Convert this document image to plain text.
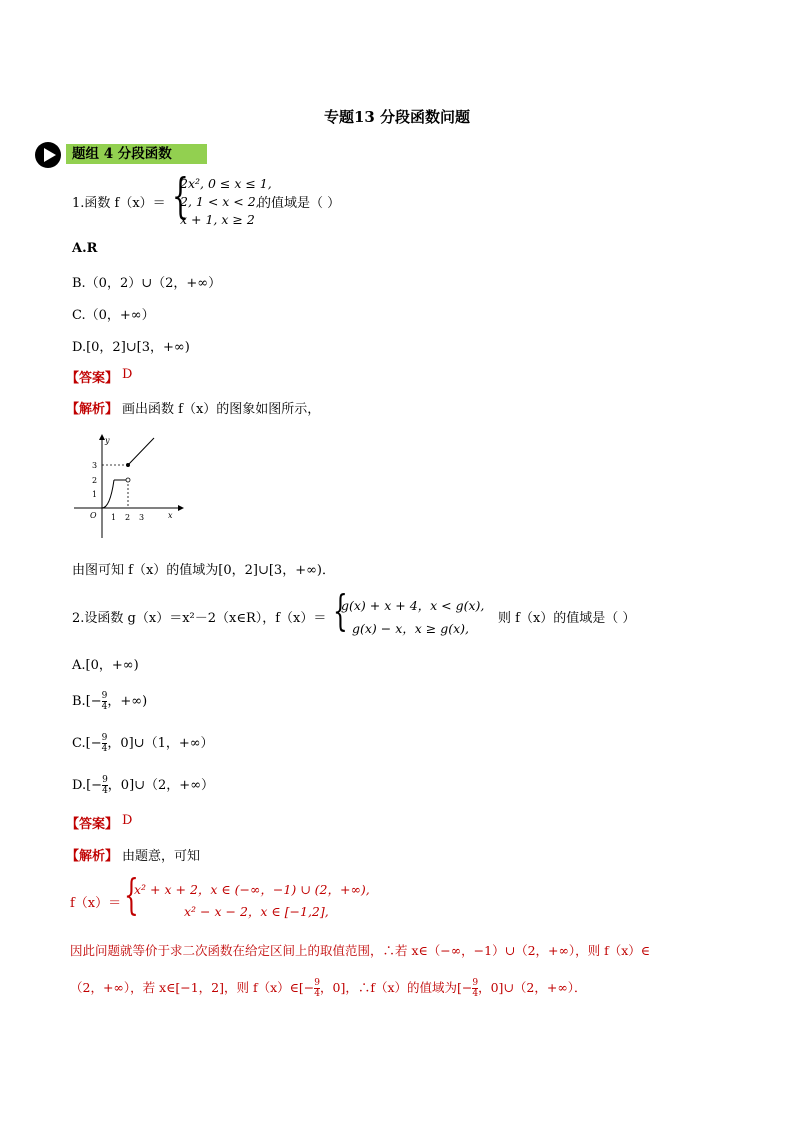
专题13 分段函数问题
题组 4 分段函数
1.函数 f（x）＝ {
2x², 0 ≤ x ≤ 1,
2, 1 < x < 2,
x + 1, x ≥ 2
的值域是（ ）
A.R
B.（0，2）∪（2，+∞）
C.（0，+∞）
D.[0，2]∪[3，+∞)
【答案】 D
【解析】 画出函数 f（x）的图象如图所示，
y
x
O 1 2 3
1
2
3
由图可知 f（x）的值域为[0，2]∪[3，+∞)．
2.设函数 g（x）＝x²－2（x∈R），f（x）＝ {
g(x) + x + 4，x < g(x),
g(x) − x，x ≥ g(x),
则 f（x）的值域是（ ）
A.[0，+∞)
$B.[- \frac{9}{4}$ ，+∞)
$C.[- \frac{9}{4}$ ，0]∪（1，+∞）
$D.[- \frac{9}{4}$ ，0]∪（2，+∞）
【答案】 D
【解析】 由题意，可知
f（x）＝ {
x² + x + 2，x ∈ (−∞，−1) ∪ (2，+∞),
x² − x − 2，x ∈ [−1,2],
因此问题就等价于求二次函数在给定区间上的取值范围，∴若 x∈（−∞，−1）∪（2，+∞），则 f（x）∈
（2，+∞），若 x∈[−1，2]，则 f（x）∈[− $\frac{9}{4}$ ，0]，∴f（x）的值域为[− $\frac{9}{4}$ ，0]∪（2，+∞）．
